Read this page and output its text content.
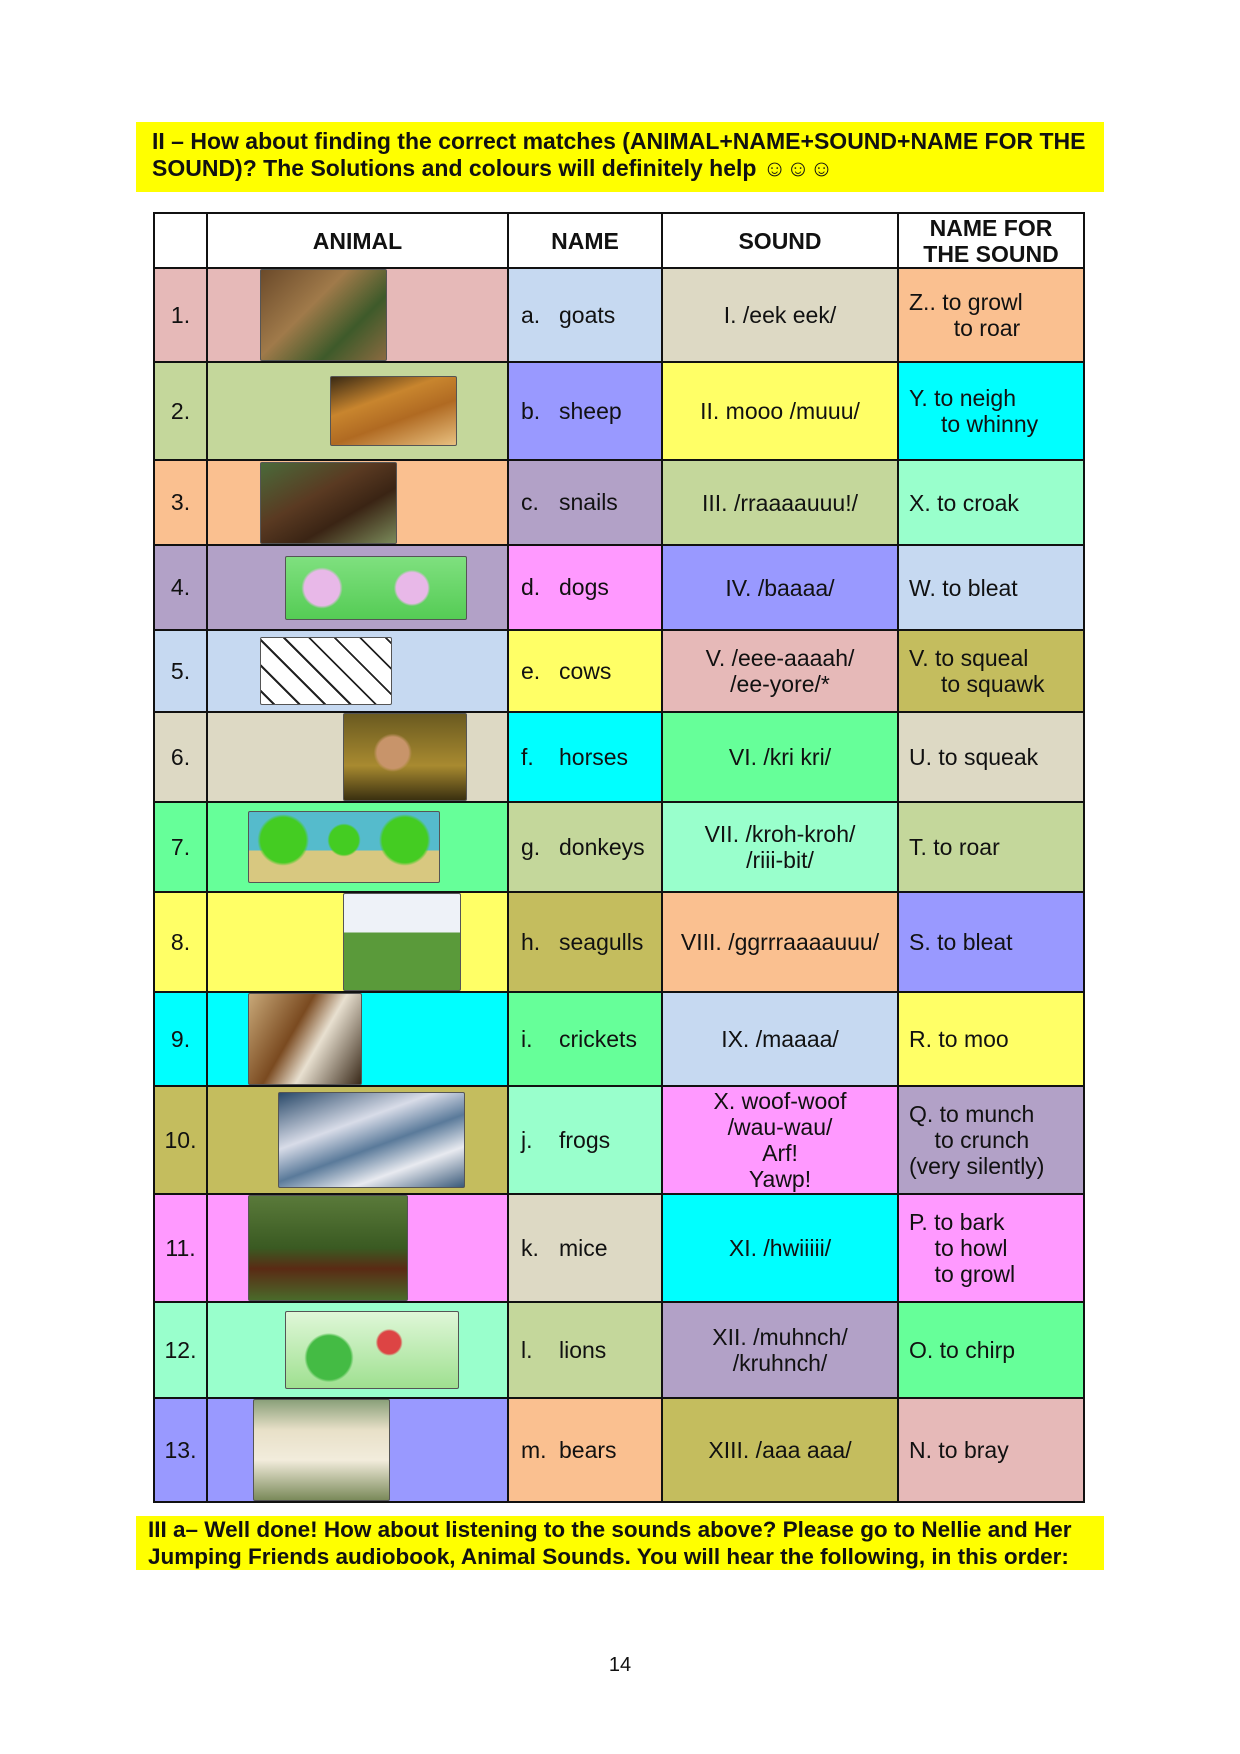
II – How about finding the correct matches (ANIMAL+NAME+SOUND+NAME FOR THE

SOUND)? The Solutions and colours will definitely help ☺☺☺

	ANIMAL	NAME	SOUND	NAME FOR
THE SOUND

1.		a. goats	I. /eek eek/	Z.. to growl
to roar

2.		b. sheep	II. mooo /muuu/	Y. to neigh
to whinny

3.		c. snails	III. /rraaaauuu!/	X. to croak

4.		d. dogs	IV. /baaaa/	W. to bleat

5.		e. cows	V. /eee-aaaah/
/ee-yore/*	V. to squeal
to squawk

6.		f. horses	VI. /kri kri/	U. to squeak

7.		g. donkeys	VII. /kroh-kroh/
/riii-bit/	T. to roar

8.		h. seagulls	VIII. /ggrrraaaauuu/	S. to bleat

9.		i. crickets	IX. /maaaa/	R. to moo

10.		j. frogs	X. woof-woof
/wau-wau/
Arf!
Yawp!	Q. to munch
to crunch
(very silently)

11.		k. mice	XI. /hwiiiii/	P. to bark
to howl
to growl

12.		l. lions	XII. /muhnch/
/kruhnch/	O. to chirp

13.		m. bears	XIII. /aaa aaa/	N. to bray

III a– Well done! How about listening to the sounds above? Please go to Nellie and Her

Jumping Friends audiobook, Animal Sounds. You will hear the following, in this order:

14
